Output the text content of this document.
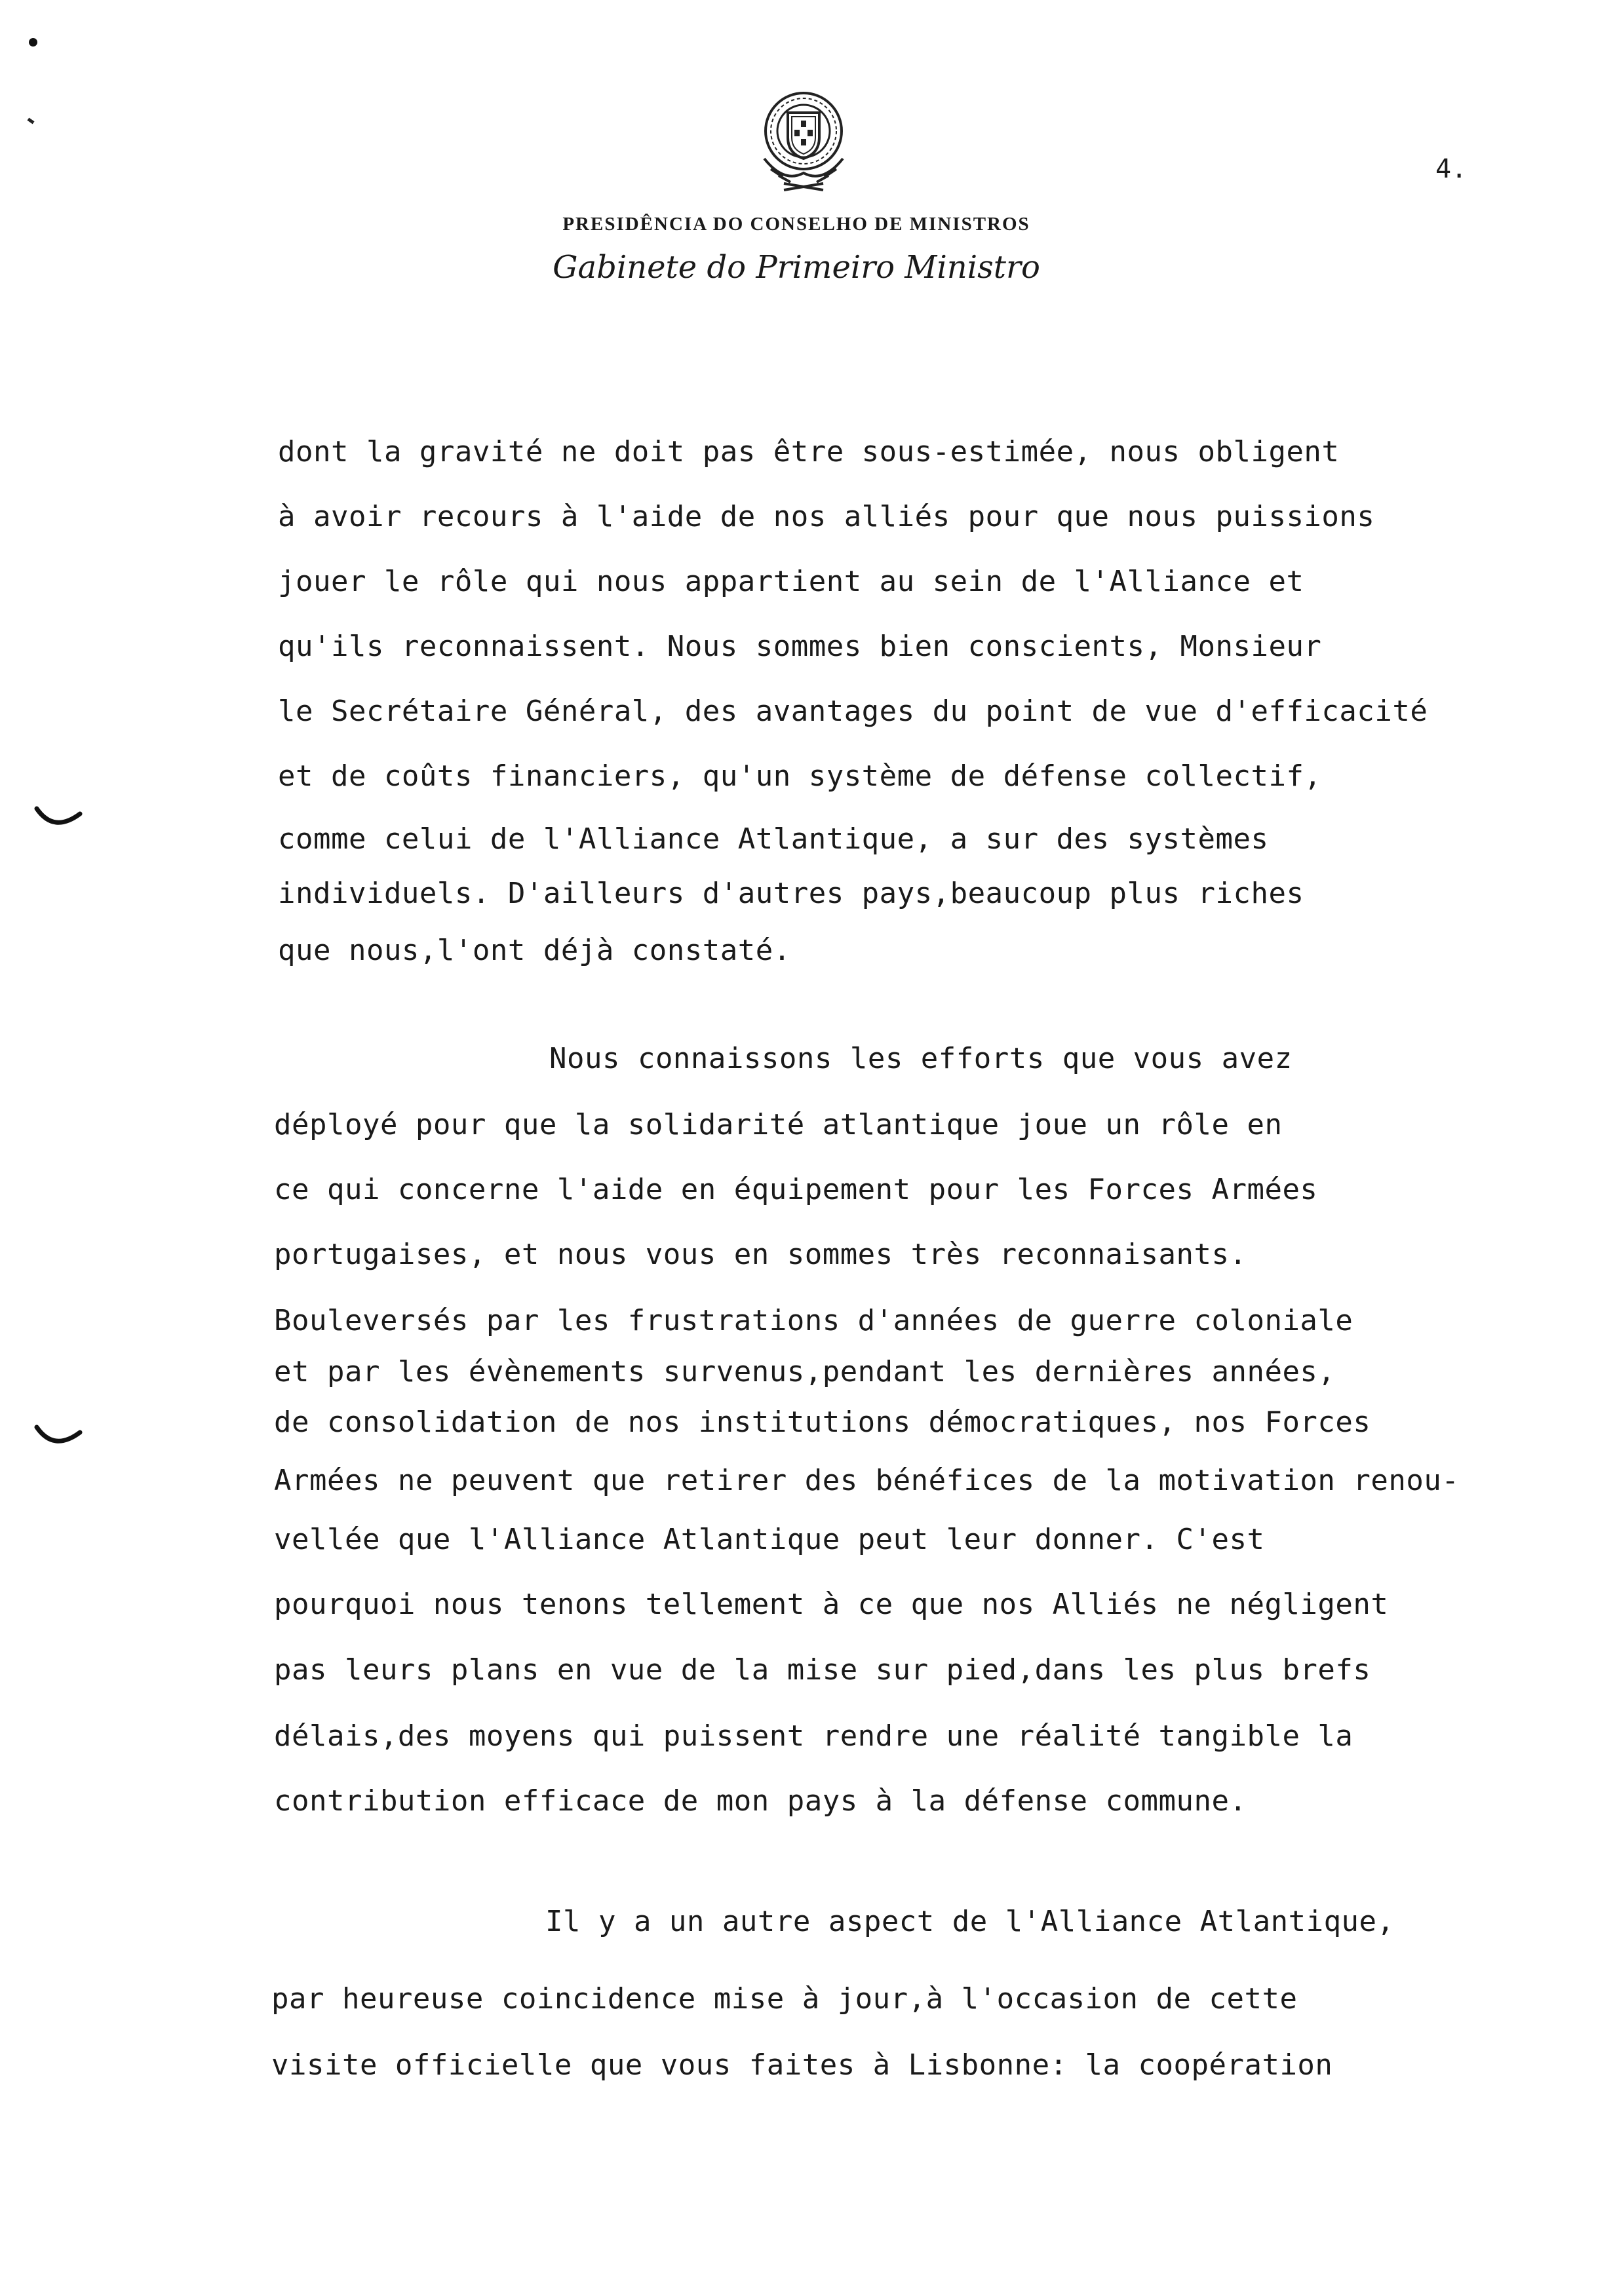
4.
PRESIDÊNCIA DO CONSELHO DE MINISTROS
Gabinete do Primeiro Ministro
dont la gravité ne doit pas être sous-estimée, nous obligent
à avoir recours à l'aide de nos alliés pour que nous puissions
jouer le rôle qui nous appartient au sein de l'Alliance et
qu'ils reconnaissent. Nous sommes bien conscients, Monsieur
le Secrétaire Général, des avantages du point de vue d'efficacité
et de coûts financiers, qu'un système de défense collectif,
comme celui de l'Alliance Atlantique, a sur des systèmes
individuels. D'ailleurs d'autres pays,beaucoup plus riches
que nous,l'ont déjà constaté.
Nous connaissons les efforts que vous avez
déployé pour que la solidarité atlantique joue un rôle en
ce qui concerne l'aide en équipement pour les Forces Armées
portugaises, et nous vous en sommes très reconnaisants.
Bouleversés par les frustrations d'années de guerre coloniale
et par les évènements survenus,pendant les dernières années,
de consolidation de nos institutions démocratiques, nos Forces
Armées ne peuvent que retirer des bénéfices de la motivation renou-
vellée que l'Alliance Atlantique peut leur donner. C'est
pourquoi nous tenons tellement à ce que nos Alliés ne négligent
pas leurs plans en vue de la mise sur pied,dans les plus brefs
délais,des moyens qui puissent rendre une réalité tangible la
contribution efficace de mon pays à la défense commune.
Il y a un autre aspect de l'Alliance Atlantique,
par heureuse coincidence mise à jour,à l'occasion de cette
visite officielle que vous faites à Lisbonne: la coopération
